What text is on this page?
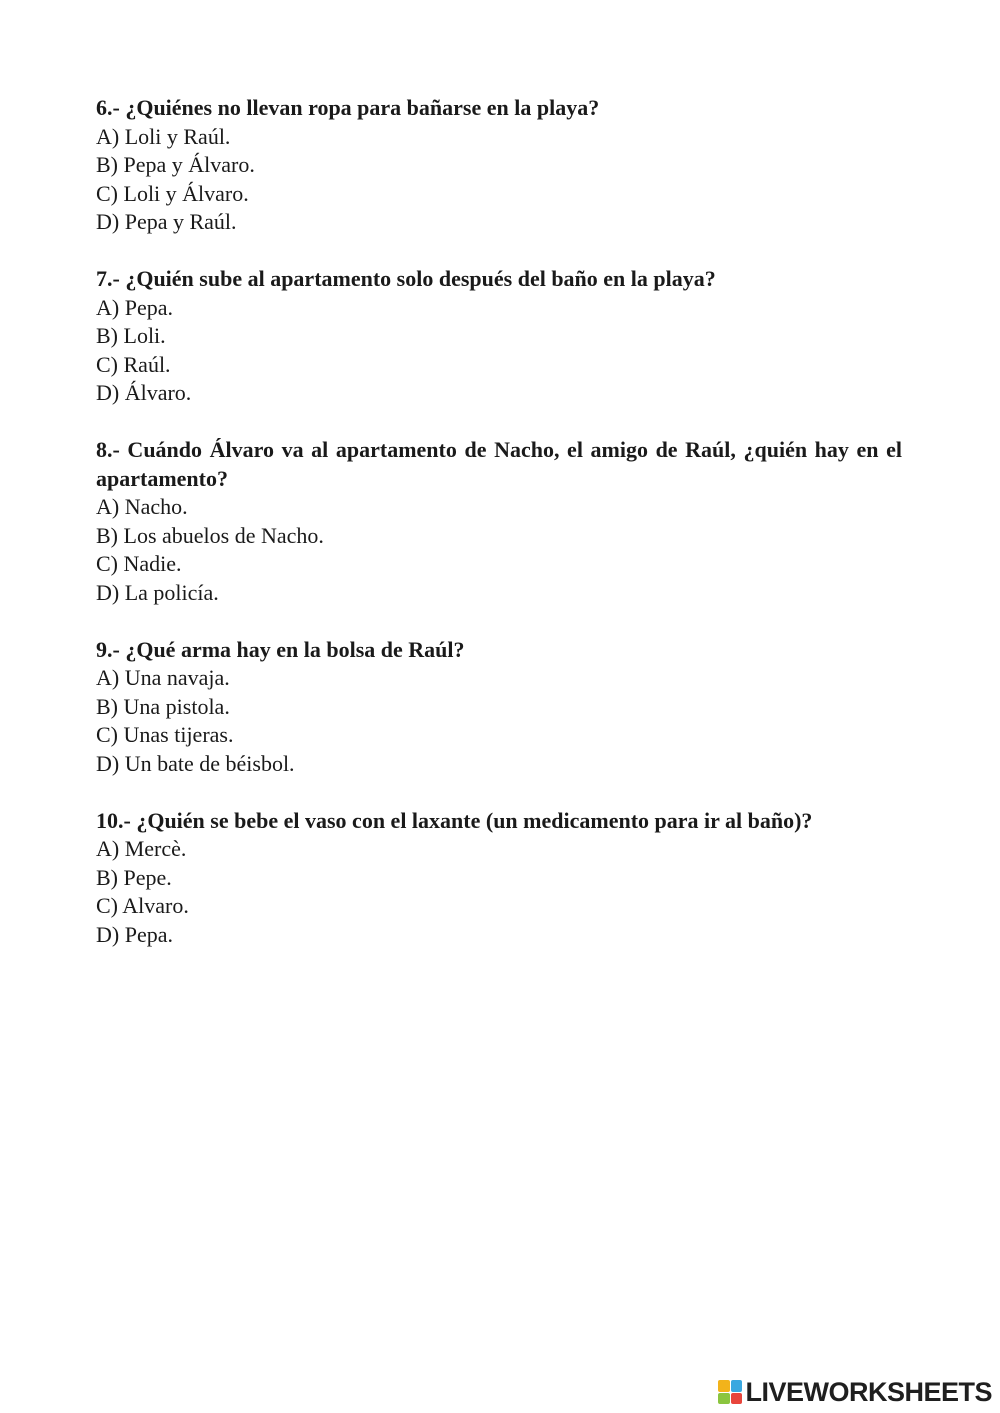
6.- ¿Quiénes no llevan ropa para bañarse en la playa?

A) Loli y Raúl.

B) Pepa y Álvaro.

C) Loli y Álvaro.

D) Pepa y Raúl.

7.- ¿Quién sube al apartamento solo después del baño en la playa?

A) Pepa.

B) Loli.

C) Raúl.

D) Álvaro.

8.- Cuándo Álvaro va al apartamento de Nacho, el amigo de Raúl, ¿quién hay en el apartamento?

A) Nacho.

B) Los abuelos de Nacho.

C) Nadie.

D) La policía.

9.- ¿Qué arma hay en la bolsa de Raúl?

A) Una navaja.

B) Una pistola.

C) Unas tijeras.

D) Un bate de béisbol.

10.- ¿Quién se bebe el vaso con el laxante (un medicamento para ir al baño)?

A) Mercè.

B) Pepe.

C) Alvaro.

D) Pepa.

LIVEWORKSHEETS
